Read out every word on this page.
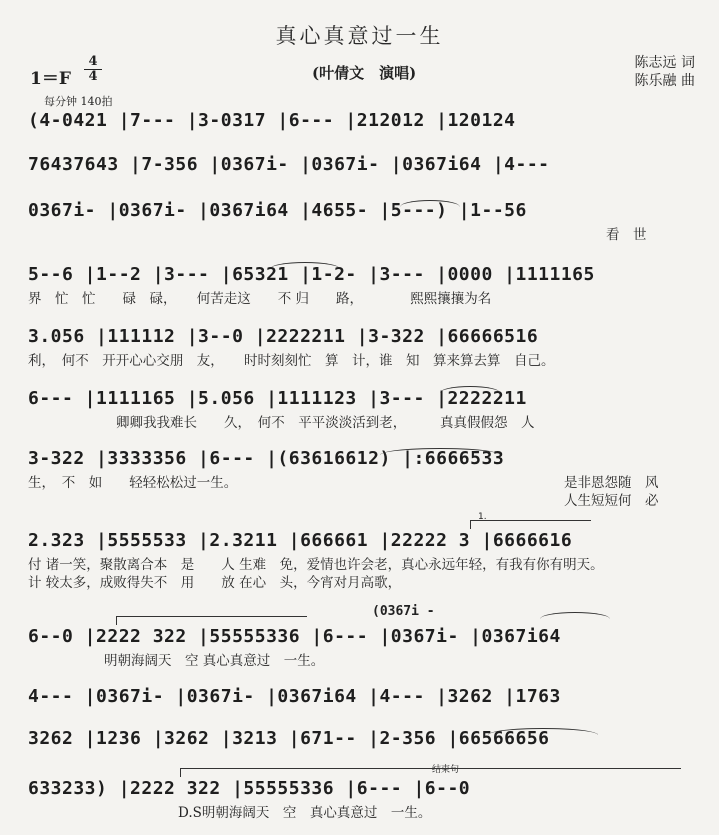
真心真意过一生
(叶倩文　演唱)
陈志远 词
陈乐融 曲
1＝F
4
4
每分钟 140拍
(4-0421 |7--- |3-0317 |6--- |212012 |120124
76437643 |7-356 |0367i- |0367i- |0367i64 |4---
0367i- |0367i- |0367i64 |4655- |5---) |1--56
看　世
5--6 |1--2 |3--- |65321 |1-2- |3--- |0000 |1111165
界　忙　忙　　碌　碌，　　何苦走这　　不 归　　路，　　　　熙熙攘攘为名
3.056 |111112 |3--0 |2222211 |3-322 |66666516
利，　何不　开开心心交朋　友，　　时时刻刻忙　算　计，谁　知　算来算去算　自己。
6--- |1111165 |5.056 |1111123 |3--- |2222211
卿卿我我难长　　久，　何不　平平淡淡活到老，　　　真真假假怨　人
3-322 |3333356 |6--- |(63616612) |:6666533
生，　不　如　　轻轻松松过一生。	是非恩怨随　风
人生短短何　必
1.
2.323 |5555533 |2.3211 |666661 |22222 3 |6666616
付 诸一笑，聚散离合本　是　　人 生难　免，爱情也许会老，真心永远年轻，有我有你有明天。
计 较太多，成败得失不　用　　放 在心　头，今宵对月高歌，
(0367i -
6--0 |2222 322 |55555336 |6--- |0367i- |0367i64
明朝海阔天　空 真心真意过　一生。
4--- |0367i- |0367i- |0367i64 |4--- |3262 |1763
3262 |1236 |3262 |3213 |671-- |2-356 |66566656
结束句
633233) |2222 322 |55555336 |6--- |6--0
D.S明朝海阔天　空　真心真意过　一生。
